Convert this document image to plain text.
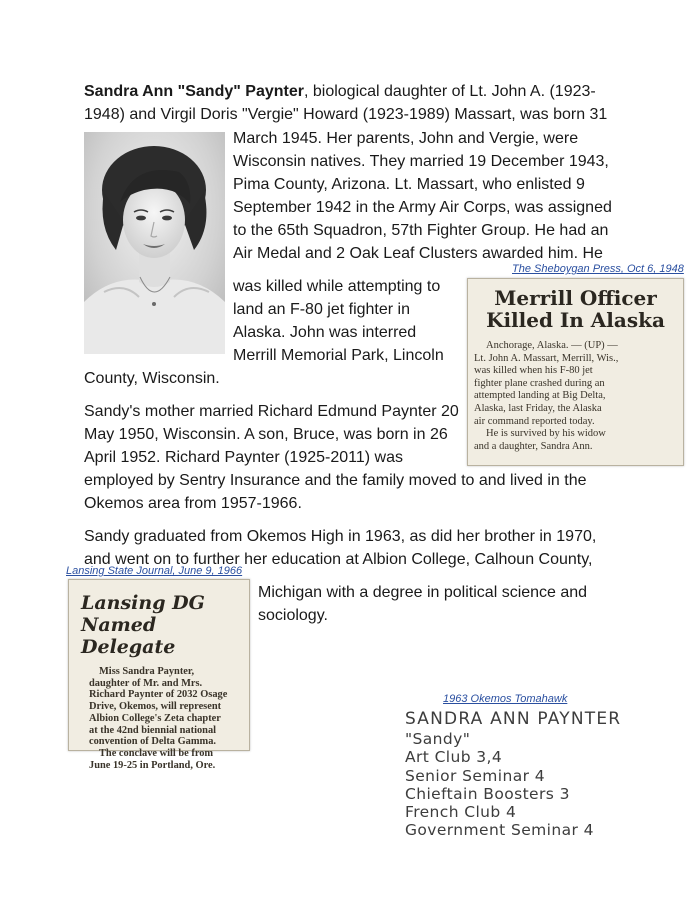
Sandra Ann "Sandy" Paynter, biological daughter of Lt. John A. (1923-
1948) and Virgil Doris "Vergie" Howard (1923-1989) Massart, was born 31
March 1945. Her parents, John and Vergie, were
Wisconsin natives. They married 19 December 1943,
Pima County, Arizona. Lt. Massart, who enlisted 9
September 1942 in the Army Air Corps, was assigned
to the 65th Squadron, 57th Fighter Group. He had an
Air Medal and 2 Oak Leaf Clusters awarded him. He
was killed while attempting to
land an F-80 jet fighter in
Alaska. John was interred
Merrill Memorial Park, Lincoln
County, Wisconsin.
Sandy's mother married Richard Edmund Paynter 20
May 1950, Wisconsin. A son, Bruce, was born in 26
April 1952. Richard Paynter (1925-2011) was
employed by Sentry Insurance and the family moved to and lived in the
Okemos area from 1957-1966.
Sandy graduated from Okemos High in 1963, as did her brother in 1970,
and went on to further her education at Albion College, Calhoun County,
Michigan with a degree in political science and
sociology.
The Sheboygan Press, Oct 6, 1948
Merrill Officer
Killed In Alaska
Anchorage, Alaska. — (UP) —
Lt. John A. Massart, Merrill, Wis.,
was killed when his F-80 jet
fighter plane crashed during an
attempted landing at Big Delta,
Alaska, last Friday, the Alaska
air command reported today.
He is survived by his widow
and a daughter, Sandra Ann.
Lansing State Journal, June 9, 1966
Lansing DG
Named Delegate
Miss Sandra Paynter,
daughter of Mr. and Mrs.
Richard Paynter of 2032 Osage
Drive, Okemos, will represent
Albion College's Zeta chapter
at the 42nd biennial national
convention of Delta Gamma.
The conclave will be from
June 19-25 in Portland, Ore.
1963 Okemos Tomahawk
SANDRA ANN PAYNTER
"Sandy"
Art Club 3,4
Senior Seminar 4
Chieftain Boosters 3
French Club 4
Government Seminar 4
